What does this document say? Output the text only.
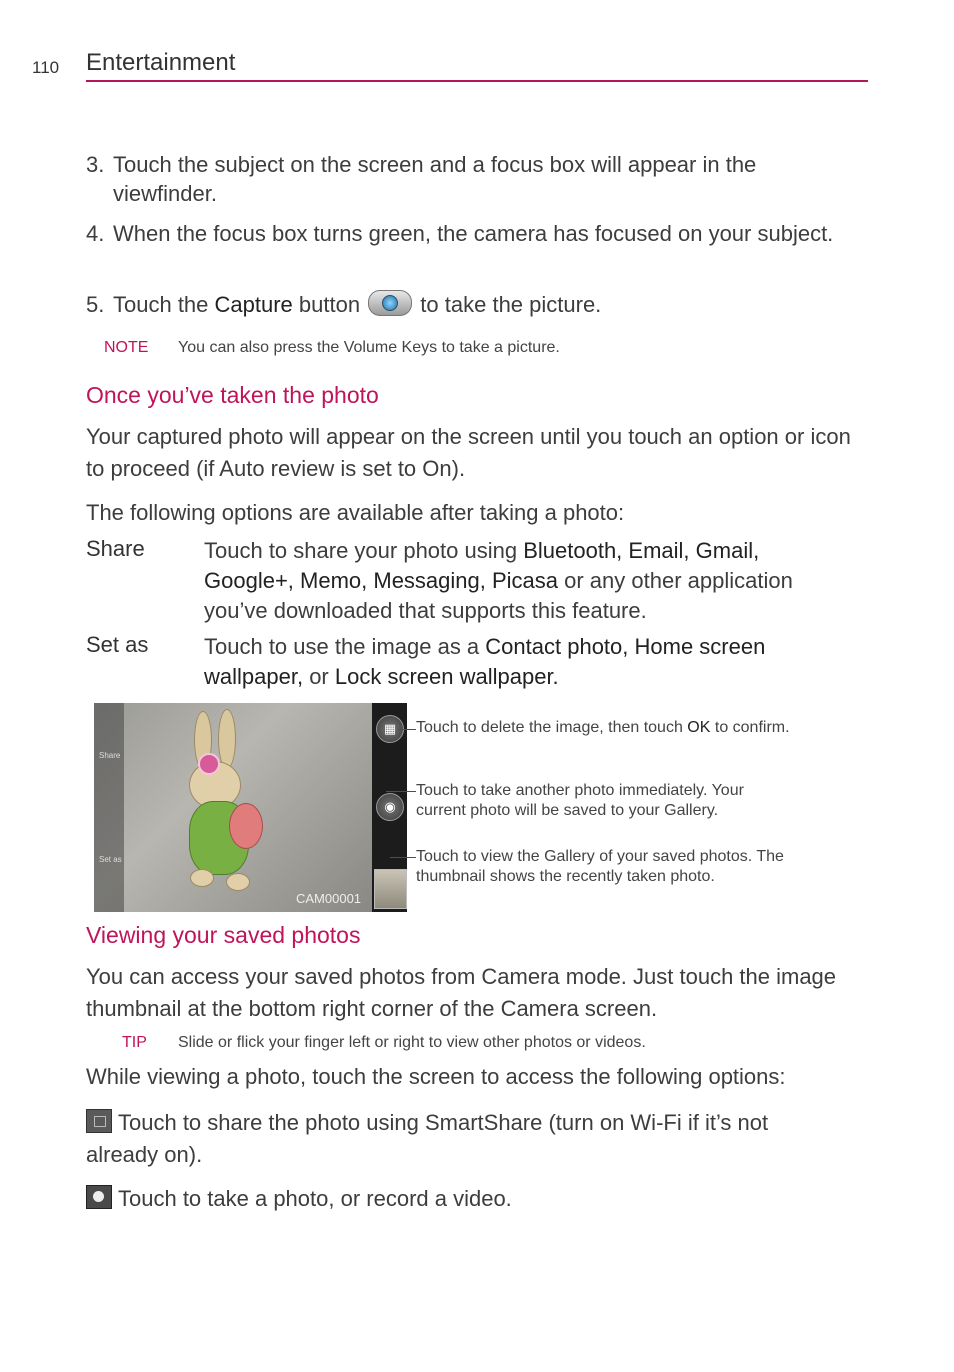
110 Entertainment
3. Touch the subject on the screen and a focus box will appear in the viewfinder.
4. When the focus box turns green, the camera has focused on your subject.
5. Touch the Capture button
to take the picture.
NOTE You can also press the Volume Keys to take a picture.
Once you’ve taken the photo
Your captured photo will appear on the screen until you touch an option or icon to proceed (if Auto review is set to On).
The following options are available after taking a photo:
Share	Touch to share your photo using Bluetooth, Email, Gmail, Google+, Memo, Messaging, Picasa or any other application you’ve downloaded that supports this feature.
Set as	Touch to use the image as a Contact photo, Home screen wallpaper, or Lock screen wallpaper.
Share
Set as
CAM00001
▦
◉
Touch to delete the image, then touch OK to confirm.
Touch to take another photo immediately. Your current photo will be saved to your Gallery.
Touch to view the Gallery of your saved photos. The thumbnail shows the recently taken photo.
Viewing your saved photos
You can access your saved photos from Camera mode. Just touch the image thumbnail at the bottom right corner of the Camera screen.
TIP Slide or flick your finger left or right to view other photos or videos.
While viewing a photo, touch the screen to access the following options:
Touch to share the photo using SmartShare (turn on Wi-Fi if it’s not already on).
Touch to take a photo, or record a video.
